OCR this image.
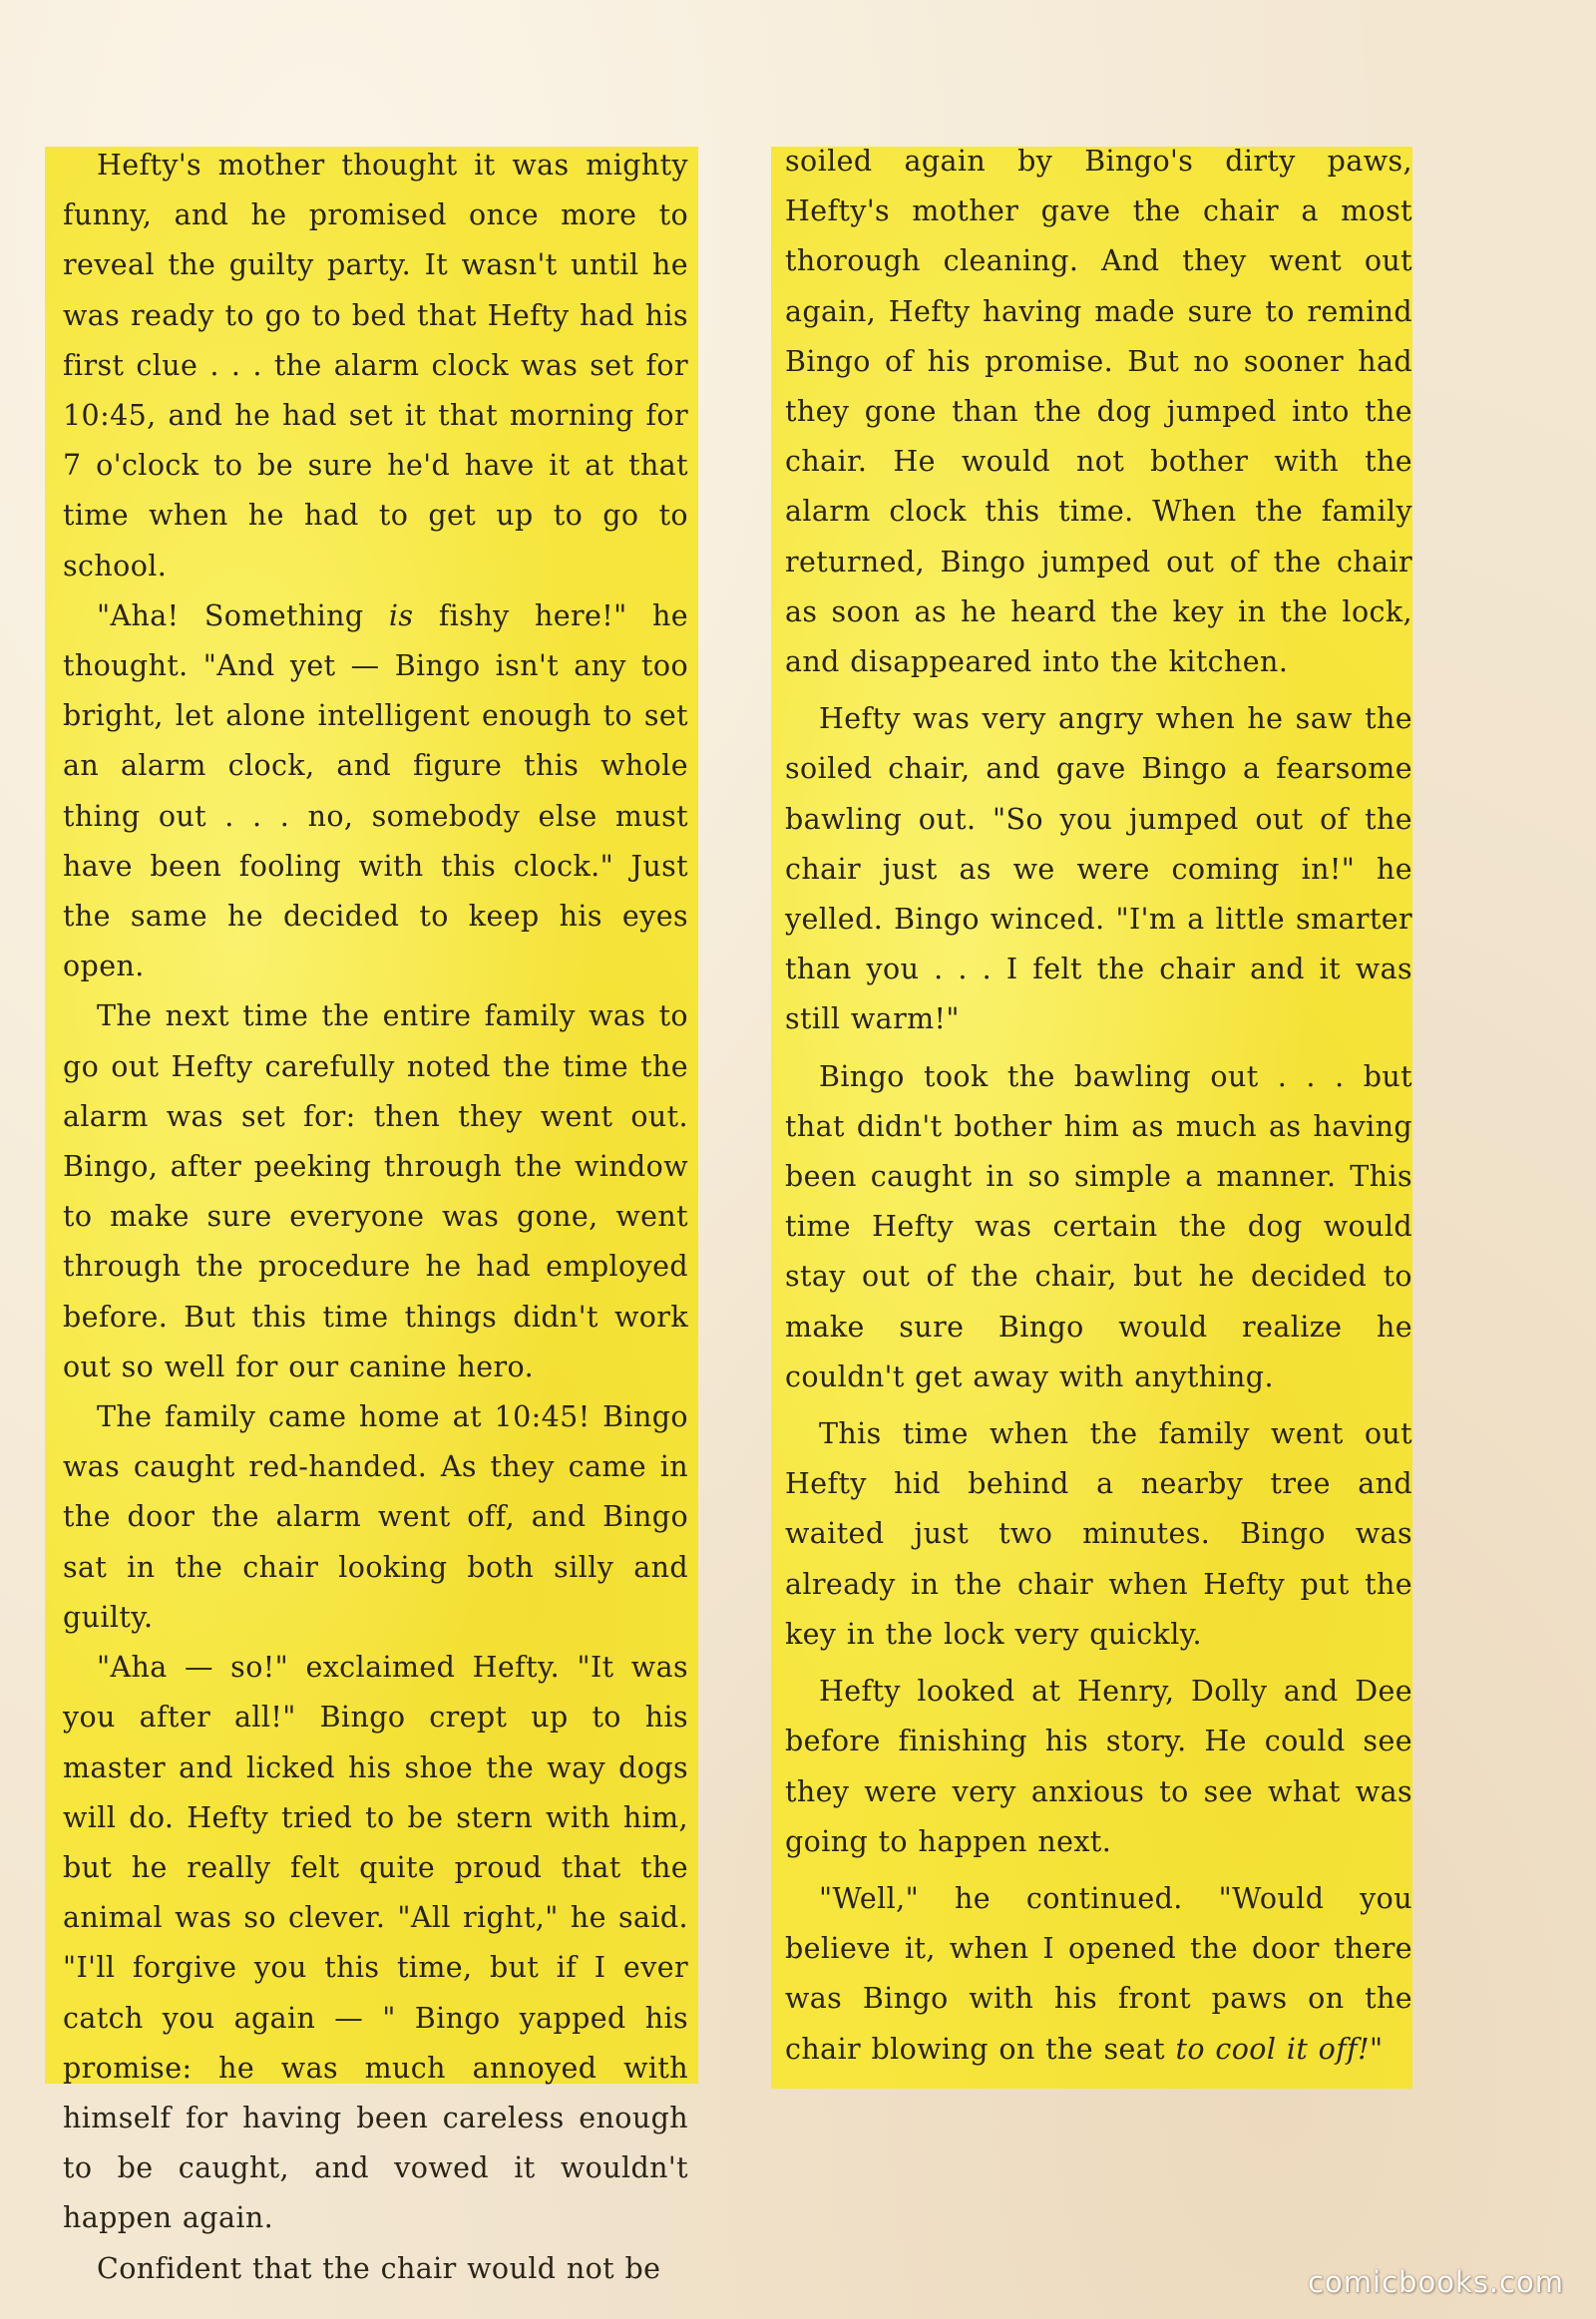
Hefty's mother thought it was mighty funny, and he promised once more to reveal the guilty party. It wasn't until he was ready to go to bed that Hefty had his first clue . . . the alarm clock was set for 10:45, and he had set it that morning for 7 o'clock to be sure he'd have it at that time when he had to get up to go to school.

"Aha! Something is fishy here!" he thought. "And yet — Bingo isn't any too bright, let alone intelligent enough to set an alarm clock, and figure this whole thing out . . . no, somebody else must have been fooling with this clock." Just the same he decided to keep his eyes open.

The next time the entire family was to go out Hefty carefully noted the time the alarm was set for: then they went out. Bingo, after peeking through the window to make sure everyone was gone, went through the procedure he had employed before. But this time things didn't work out so well for our canine hero.

The family came home at 10:45! Bingo was caught red-handed. As they came in the door the alarm went off, and Bingo sat in the chair looking both silly and guilty.

"Aha — so!" exclaimed Hefty. "It was you after all!" Bingo crept up to his master and licked his shoe the way dogs will do. Hefty tried to be stern with him, but he really felt quite proud that the animal was so clever. "All right," he said. "I'll forgive you this time, but if I ever catch you again — " Bingo yapped his promise: he was much annoyed with himself for having been careless enough to be caught, and vowed it wouldn't happen again.

Confident that the chair would not be

soiled again by Bingo's dirty paws, Hefty's mother gave the chair a most thorough cleaning. And they went out again, Hefty having made sure to remind Bingo of his promise. But no sooner had they gone than the dog jumped into the chair. He would not bother with the alarm clock this time. When the family returned, Bingo jumped out of the chair as soon as he heard the key in the lock, and disappeared into the kitchen.

Hefty was very angry when he saw the soiled chair, and gave Bingo a fearsome bawling out. "So you jumped out of the chair just as we were coming in!" he yelled. Bingo winced. "I'm a little smarter than you . . . I felt the chair and it was still warm!"

Bingo took the bawling out . . . but that didn't bother him as much as having been caught in so simple a manner. This time Hefty was certain the dog would stay out of the chair, but he decided to make sure Bingo would realize he couldn't get away with anything.

This time when the family went out Hefty hid behind a nearby tree and waited just two minutes. Bingo was already in the chair when Hefty put the key in the lock very quickly.

Hefty looked at Henry, Dolly and Dee before finishing his story. He could see they were very anxious to see what was going to happen next.

"Well," he continued. "Would you believe it, when I opened the door there was Bingo with his front paws on the chair blowing on the seat to cool it off!"

comicbooks.com
